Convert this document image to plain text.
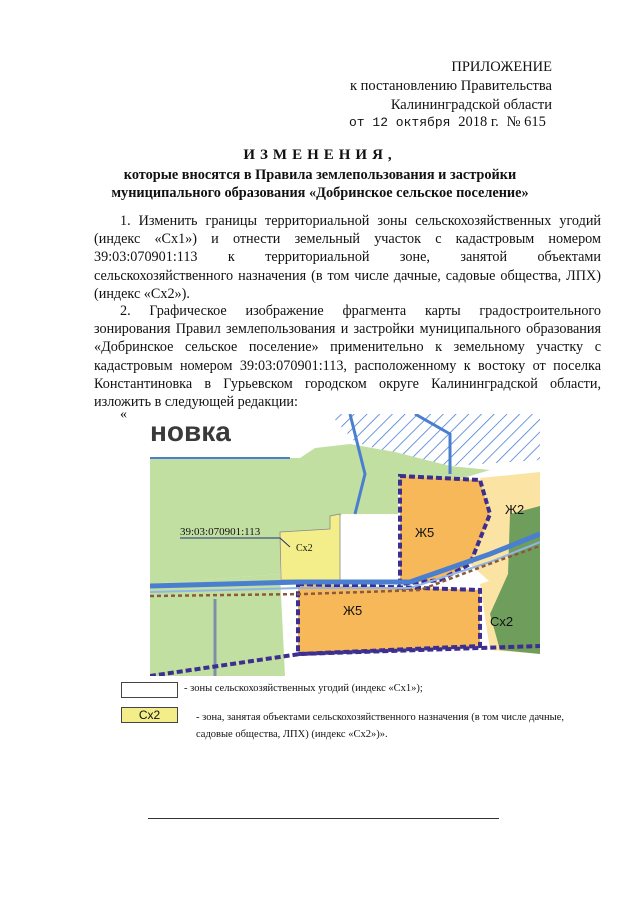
ПРИЛОЖЕНИЕ
к постановлению Правительства
Калининградской области
от 12 октября 2018 г. № 615
ИЗМЕНЕНИЯ,
которые вносятся в Правила землепользования и застройки
муниципального образования «Добринское сельское поселение»
1. Изменить границы территориальной зоны сельскохозяйственных угодий (индекс «Сх1») и отнести земельный участок с кадастровым номером 39:03:070901:113 к территориальной зоне, занятой объектами сельскохозяйственного назначения (в том числе дачные, садовые общества, ЛПХ) (индекс «Сх2»).
2. Графическое изображение фрагмента карты градостроительного зонирования Правил землепользования и застройки муниципального образования «Добринское сельское поселение» применительно к земельному участку с кадастровым номером 39:03:070901:113, расположенному к востоку от поселка Константиновка в Гурьевском городском округе Калининградской области, изложить в следующей редакции:
«
новка
39:03:070901:113
Сх2
Ж5
Ж5
Ж2
Сх2
- зоны сельскохозяйственных угодий (индекс «Сх1»);
Сх2	- зона, занятая объектами сельскохозяйственного назначения (в том числе дачные,
садовые общества, ЛПХ) (индекс «Сх2»)».
